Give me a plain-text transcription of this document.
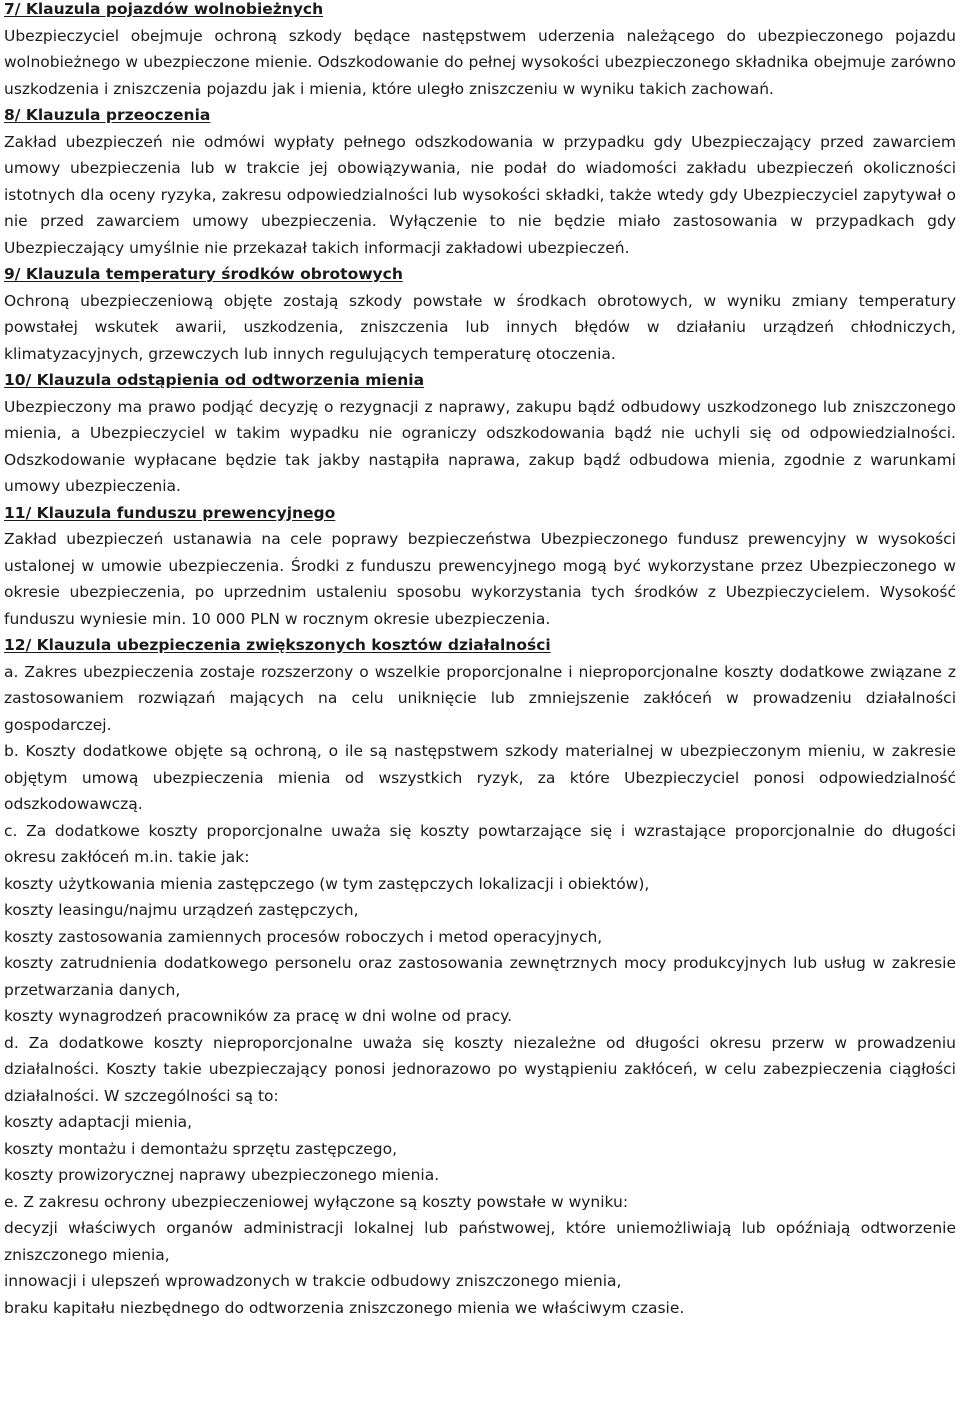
7/ Klauzula pojazdów wolnobieżnych

Ubezpieczyciel obejmuje ochroną szkody będące następstwem uderzenia należącego do ubezpieczonego pojazdu wolnobieżnego w ubezpieczone mienie. Odszkodowanie do pełnej wysokości ubezpieczonego składnika obejmuje zarówno uszkodzenia i zniszczenia pojazdu jak i mienia, które uległo zniszczeniu w wyniku takich zachowań.

8/ Klauzula przeoczenia

Zakład ubezpieczeń nie odmówi wypłaty pełnego odszkodowania w przypadku gdy Ubezpieczający przed zawarciem umowy ubezpieczenia lub w trakcie jej obowiązywania, nie podał do wiadomości zakładu ubezpieczeń okoliczności istotnych dla oceny ryzyka, zakresu odpowiedzialności lub wysokości składki, także wtedy gdy Ubezpieczyciel zapytywał o nie przed zawarciem umowy ubezpieczenia. Wyłączenie to nie będzie miało zastosowania w przypadkach gdy Ubezpieczający umyślnie nie przekazał takich informacji zakładowi ubezpieczeń.

9/ Klauzula temperatury środków obrotowych

Ochroną ubezpieczeniową objęte zostają szkody powstałe w środkach obrotowych, w wyniku zmiany temperatury powstałej wskutek awarii, uszkodzenia, zniszczenia lub innych błędów w działaniu urządzeń chłodniczych, klimatyzacyjnych, grzewczych lub innych regulujących temperaturę otoczenia.

10/ Klauzula odstąpienia od odtworzenia mienia

Ubezpieczony ma prawo podjąć decyzję o rezygnacji z naprawy, zakupu bądź odbudowy uszkodzonego lub zniszczonego mienia, a Ubezpieczyciel w takim wypadku nie ograniczy odszkodowania bądź nie uchyli się od odpowiedzialności. Odszkodowanie wypłacane będzie tak jakby nastąpiła naprawa, zakup bądź odbudowa mienia, zgodnie z warunkami umowy ubezpieczenia.

11/ Klauzula funduszu prewencyjnego

Zakład ubezpieczeń ustanawia na cele poprawy bezpieczeństwa Ubezpieczonego fundusz prewencyjny w wysokości ustalonej w umowie ubezpieczenia. Środki z funduszu prewencyjnego mogą być wykorzystane przez Ubezpieczonego w okresie ubezpieczenia, po uprzednim ustaleniu sposobu wykorzystania tych środków z Ubezpieczycielem. Wysokość funduszu wyniesie min. 10 000 PLN w rocznym okresie ubezpieczenia.

12/ Klauzula ubezpieczenia zwiększonych kosztów działalności

a. Zakres ubezpieczenia zostaje rozszerzony o wszelkie proporcjonalne i nieproporcjonalne koszty dodatkowe związane z zastosowaniem rozwiązań mających na celu uniknięcie lub zmniejszenie zakłóceń w prowadzeniu działalności gospodarczej.

b. Koszty dodatkowe objęte są ochroną, o ile są następstwem szkody materialnej w ubezpieczonym mieniu, w zakresie objętym umową ubezpieczenia mienia od wszystkich ryzyk, za które Ubezpieczyciel ponosi odpowiedzialność odszkodowawczą.

c. Za dodatkowe koszty proporcjonalne uważa się koszty powtarzające się i wzrastające proporcjonalnie do długości okresu zakłóceń m.in. takie jak:

koszty użytkowania mienia zastępczego (w tym zastępczych lokalizacji i obiektów),

koszty leasingu/najmu urządzeń zastępczych,

koszty zastosowania zamiennych procesów roboczych i metod operacyjnych,

koszty zatrudnienia dodatkowego personelu oraz zastosowania zewnętrznych mocy produkcyjnych lub usług w zakresie przetwarzania danych,

koszty wynagrodzeń pracowników za pracę w dni wolne od pracy.

d. Za dodatkowe koszty nieproporcjonalne uważa się koszty niezależne od długości okresu przerw w prowadzeniu działalności. Koszty takie ubezpieczający ponosi jednorazowo po wystąpieniu zakłóceń, w celu zabezpieczenia ciągłości działalności. W szczególności są to:

koszty adaptacji mienia,

koszty montażu i demontażu sprzętu zastępczego,

koszty prowizorycznej naprawy ubezpieczonego mienia.

e. Z zakresu ochrony ubezpieczeniowej wyłączone są koszty powstałe w wyniku:

decyzji właściwych organów administracji lokalnej lub państwowej, które uniemożliwiają lub opóźniają odtworzenie zniszczonego mienia,

innowacji i ulepszeń wprowadzonych w trakcie odbudowy zniszczonego mienia,

braku kapitału niezbędnego do odtworzenia zniszczonego mienia we właściwym czasie.
